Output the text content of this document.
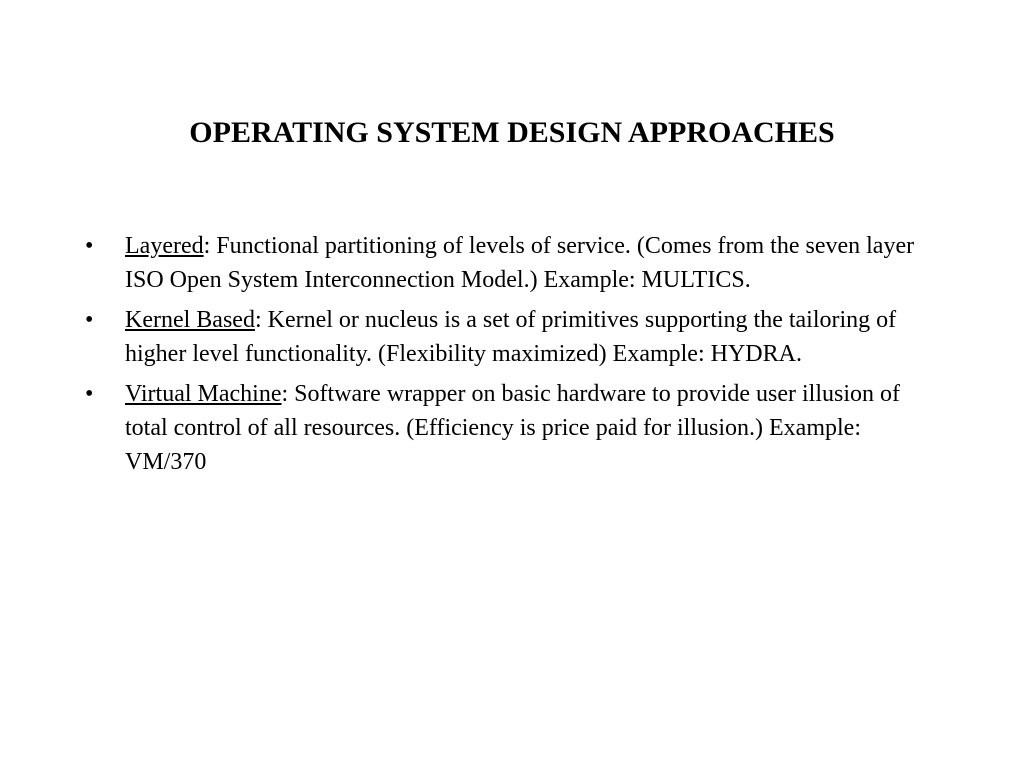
OPERATING SYSTEM DESIGN APPROACHES
•	Layered: Functional partitioning of levels of service. (Comes from the seven layer ISO Open System Interconnection Model.) Example: MULTICS.
•	Kernel Based: Kernel or nucleus is a set of primitives supporting the tailoring of higher level functionality. (Flexibility maximized) Example: HYDRA.
•	Virtual Machine: Software wrapper on basic hardware to provide user illusion of total control of all resources. (Efficiency is price paid for illusion.) Example: VM/370
